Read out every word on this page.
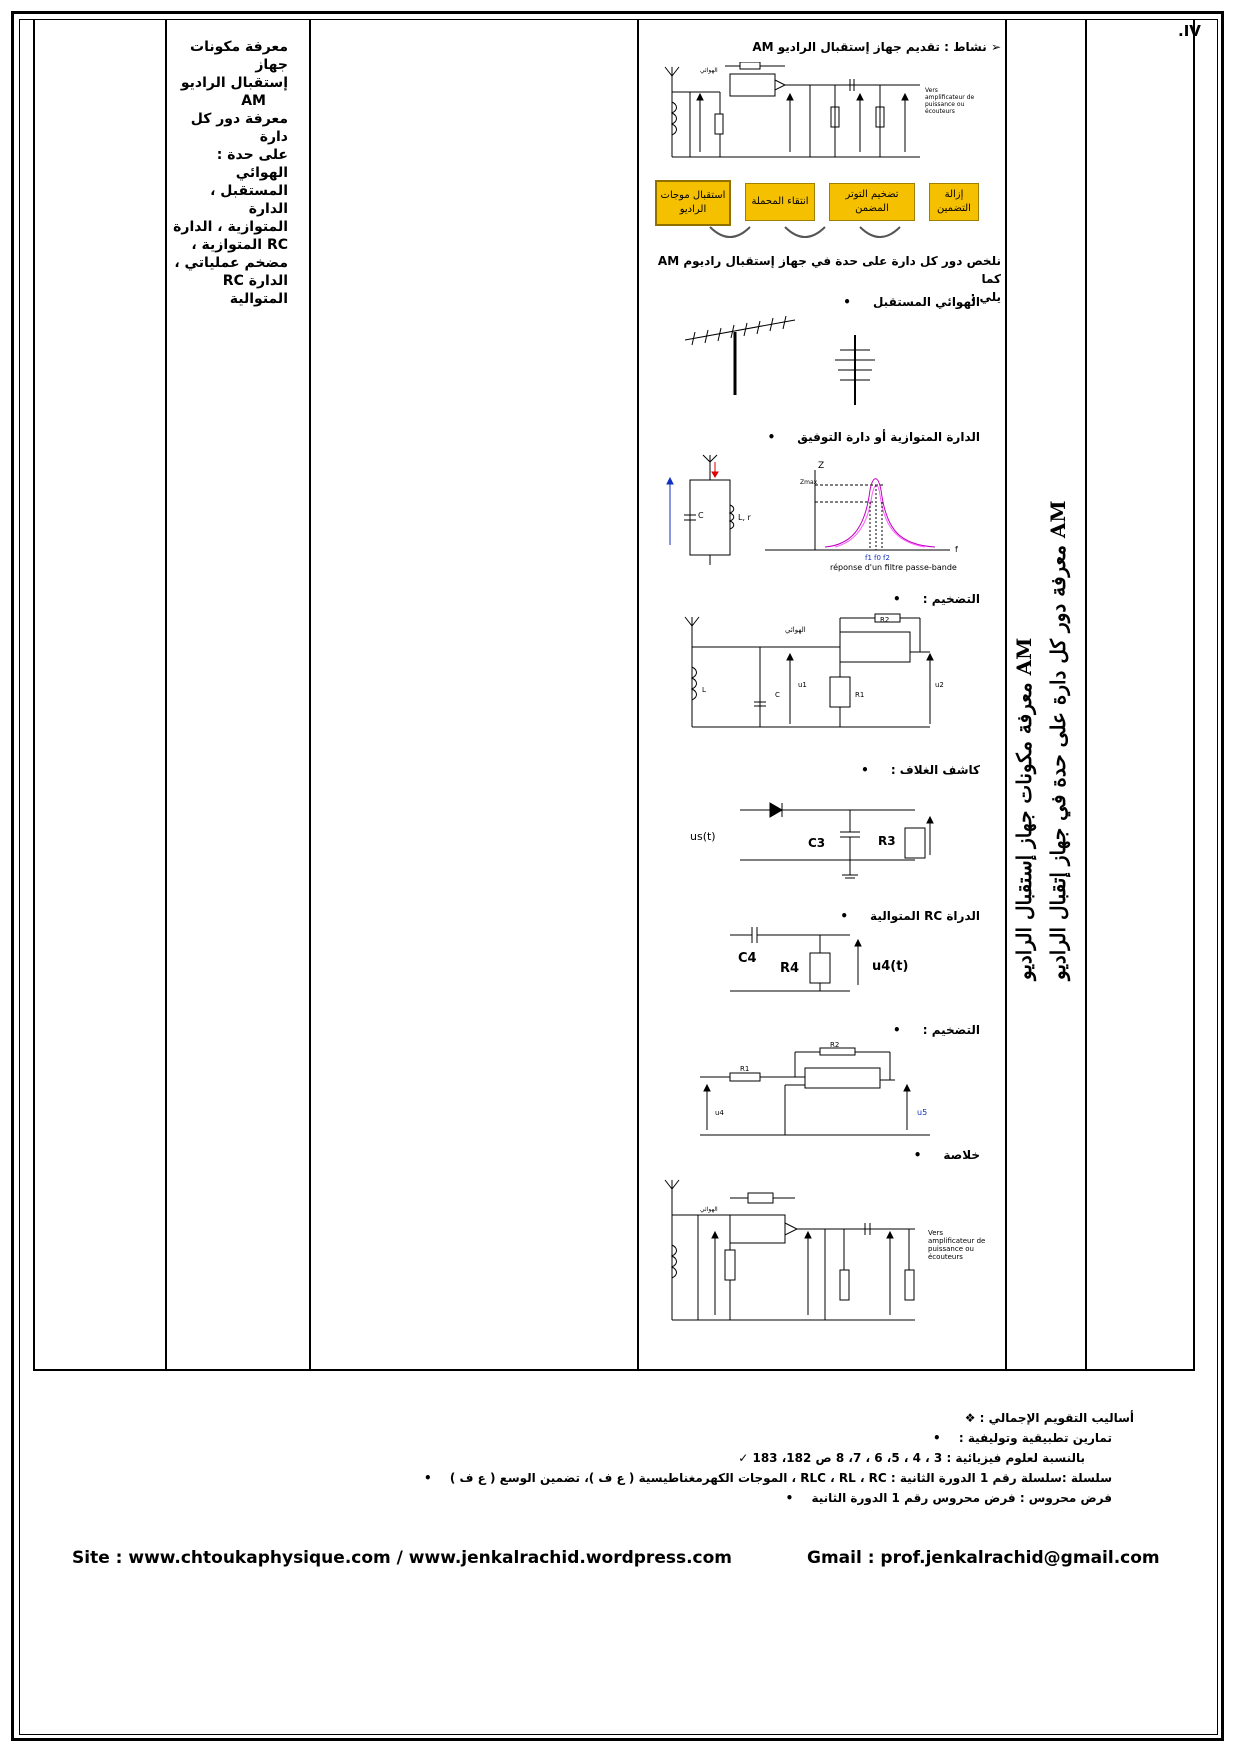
.IV
معرفة مكونات جهاز إستقبال الراديو AM معرفة دور كل دارة على حدة في جهاز إتقبال الراديو AM
معرفة مكونات جهاز
إستقبال الراديو
AM
معرفة دور كل دارة
على حدة : الهوائي
المستقبل ، الدارة
المتوازية ، الدارة
RC المتوازية ،
مضخم عملياتي ،
الدارة RC المتوالية
➢ نشاط : تقديم جهاز إستقبال الراديو AM
الهوائي
Vers
amplificateur de
puissance ou
écouteurs
استقبال موجات الراديو
انتقاء المحملة
تضخيم التوتر المضمن
إزالة التضمين
نلخص دور كل دارة على حدة في جهاز إستقبال راديوم AM كما
يلي :
الهوائي المستقبل •
الدارة المتوازية أو دارة التوفيق •
Z
Zmax
f
f1 f0 f2
réponse d'un filtre passe-bande
C	L, r
التضخيم : •
u1	u2
L
C	R1
R2
الهوائي
كاشف الغلاف : •
us(t)	C3	R3
الدراة RC المتوالية •
C4
R4	u4(t)
التضخيم : •
u4	u5
R1
R2
خلاصة •
الهوائي
Vers
amplificateur de
puissance ou
écouteurs
أساليب التقويم الإجمالي : ❖
تمارين تطبيقية وتوليفية : •
بالنسبة لعلوم فيزيائية : 3 ، 4 ، 5، 6 ، 7، 8 ص 182، 183 ✓
سلسلة :سلسلة رقم 1 الدورة الثانية : RLC ، RL ، RC ، الموجات الكهرمغناطيسية ( ع ف )، تضمين الوسع ( ع ف ) •
فرض محروس : فرض محروس رقم 1 الدورة الثانية •
Site : www.chtoukaphysique.com / www.jenkalrachid.wordpress.com	Gmail : prof.jenkalrachid@gmail.com
